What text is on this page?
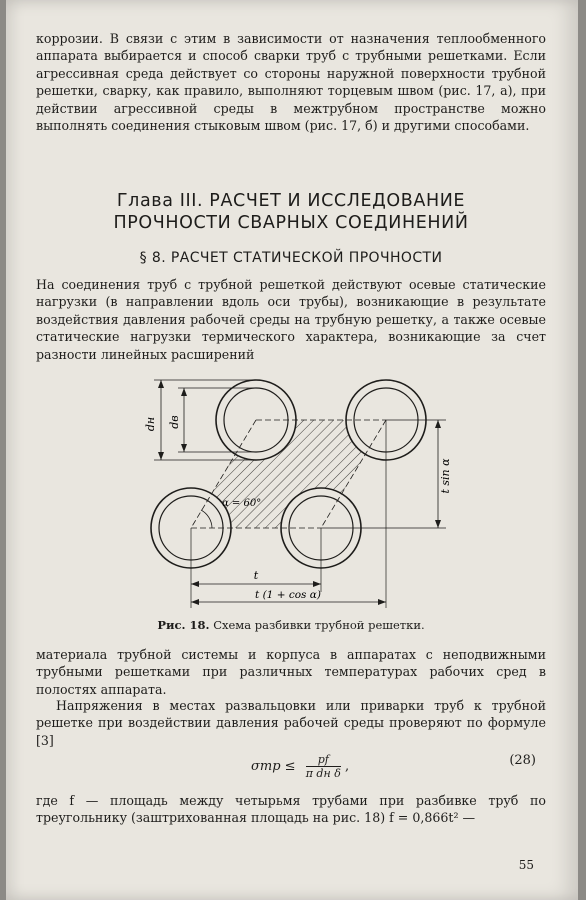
коррозии. В связи с этим в зависимости от назначения теплообменного аппарата выбирается и способ сварки труб с трубными решетками. Если агрессивная среда действует со стороны наружной поверхности трубной решетки, сварку, как правило, выполняют торцевым швом (рис. 17, а), при действии агрессивной среды в межтрубном пространстве можно выполнять соединения стыковым швом (рис. 17, б) и другими способами.

Глава III. РАСЧЕТ И ИССЛЕДОВАНИЕ
ПРОЧНОСТИ СВАРНЫХ СОЕДИНЕНИЙ
§ 8. РАСЧЕТ СТАТИЧЕСКОЙ ПРОЧНОСТИ

На соединения труб с трубной решеткой действуют осевые статические нагрузки (в направлении вдоль оси трубы), возникающие в результате воздействия давления рабочей среды на трубную решетку, а также осевые статические нагрузки термического характера, возникающие за счет разности линейных расширений

dн dв
t sin α
α = 60°
t
t (1 + cos α)
Рис. 18. Схема разбивки трубной решетки.

материала трубной системы и корпуса в аппаратах с неподвижными трубными решетками при различных температурах рабочих сред в полостях аппарата.

Напряжения в местах развальцовки или приварки труб к трубной решетке при воздействии давления рабочей среды проверяют по формуле [3]

$\sigma тр \le \frac{pf}{\text{π dн δ}}$ ,	(28)

где f — площадь между четырьмя трубами при разбивке труб по треугольнику (заштрихованная площадь на рис. 18) f = 0,866t² —

55
